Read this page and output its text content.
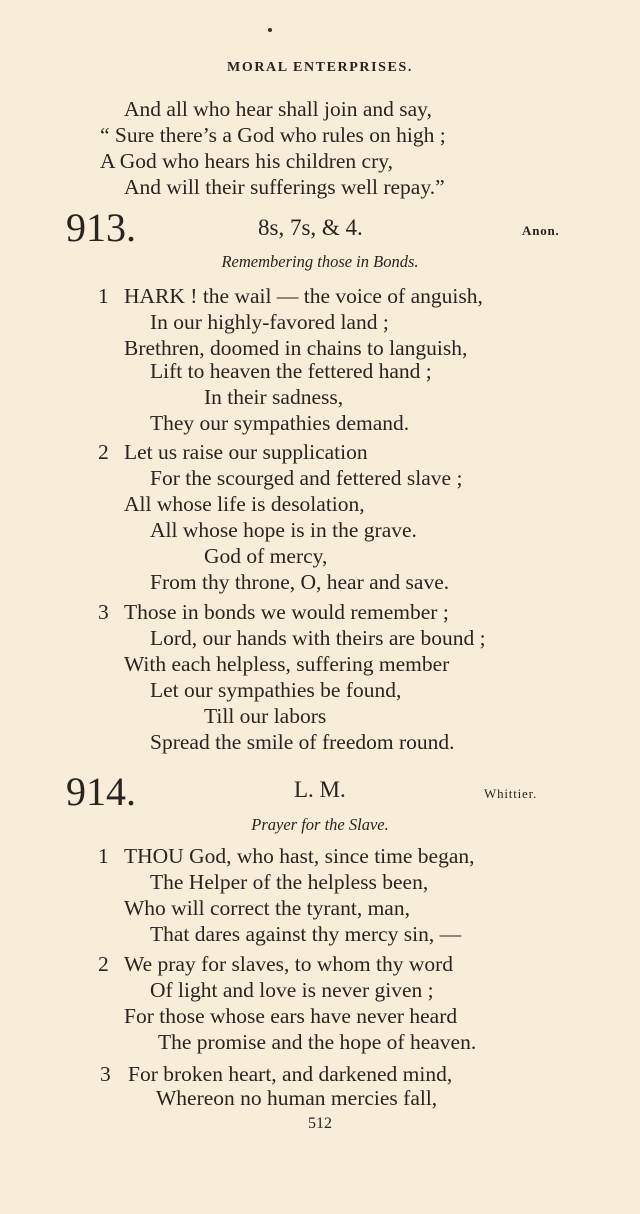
MORAL ENTERPRISES.
And all who hear shall join and say,
“ Sure there’s a God who rules on high ;
A God who hears his children cry,
And will their sufferings well repay.”
913.	8s, 7s, & 4.	Anon.
Remembering those in Bonds.
1 HARK ! the wail — the voice of anguish,
In our highly-favored land ;
Brethren, doomed in chains to languish,
Lift to heaven the fettered hand ;
In their sadness,
They our sympathies demand.
2 Let us raise our supplication
For the scourged and fettered slave ;
All whose life is desolation,
All whose hope is in the grave.
God of mercy,
From thy throne, O, hear and save.
3 Those in bonds we would remember ;
Lord, our hands with theirs are bound ;
With each helpless, suffering member
Let our sympathies be found,
Till our labors
Spread the smile of freedom round.
914.	L. M.	Whittier.
Prayer for the Slave.
1 THOU God, who hast, since time began,
The Helper of the helpless been,
Who will correct the tyrant, man,
That dares against thy mercy sin, —
2 We pray for slaves, to whom thy word
Of light and love is never given ;
For those whose ears have never heard
The promise and the hope of heaven.
3 For broken heart, and darkened mind,
Whereon no human mercies fall,
512
